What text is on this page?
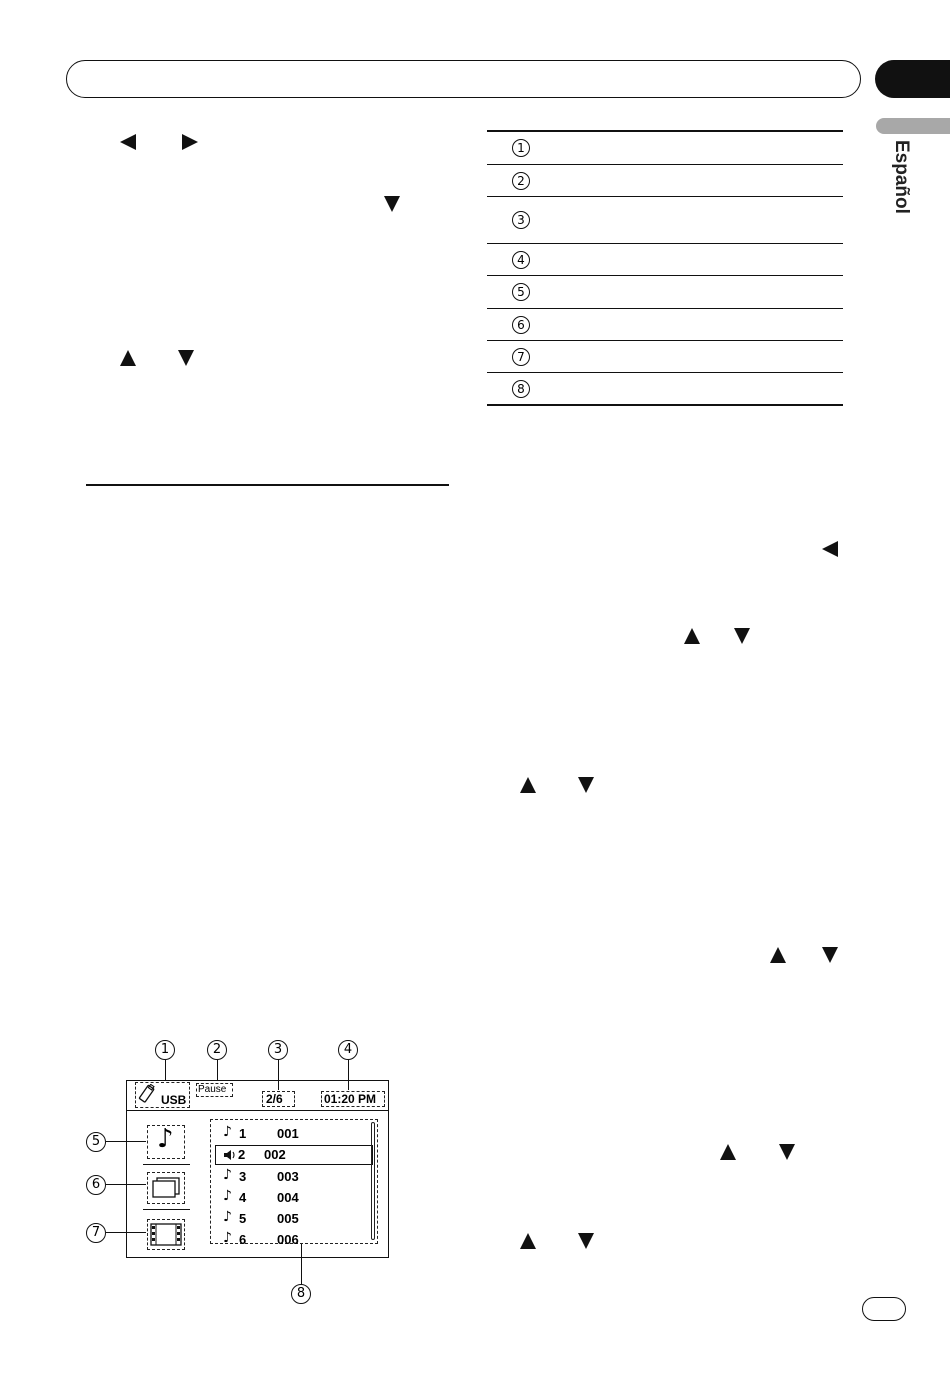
Español
1
2
3
4
5
6
7
8
1	2	3	4
5
6
7
8
USB
Pause
2/6	01:20 PM
♪	♪ 1 001
2 002
♪ 3 003
♪ 4 004
♪ 5 005
♪ 6 006
